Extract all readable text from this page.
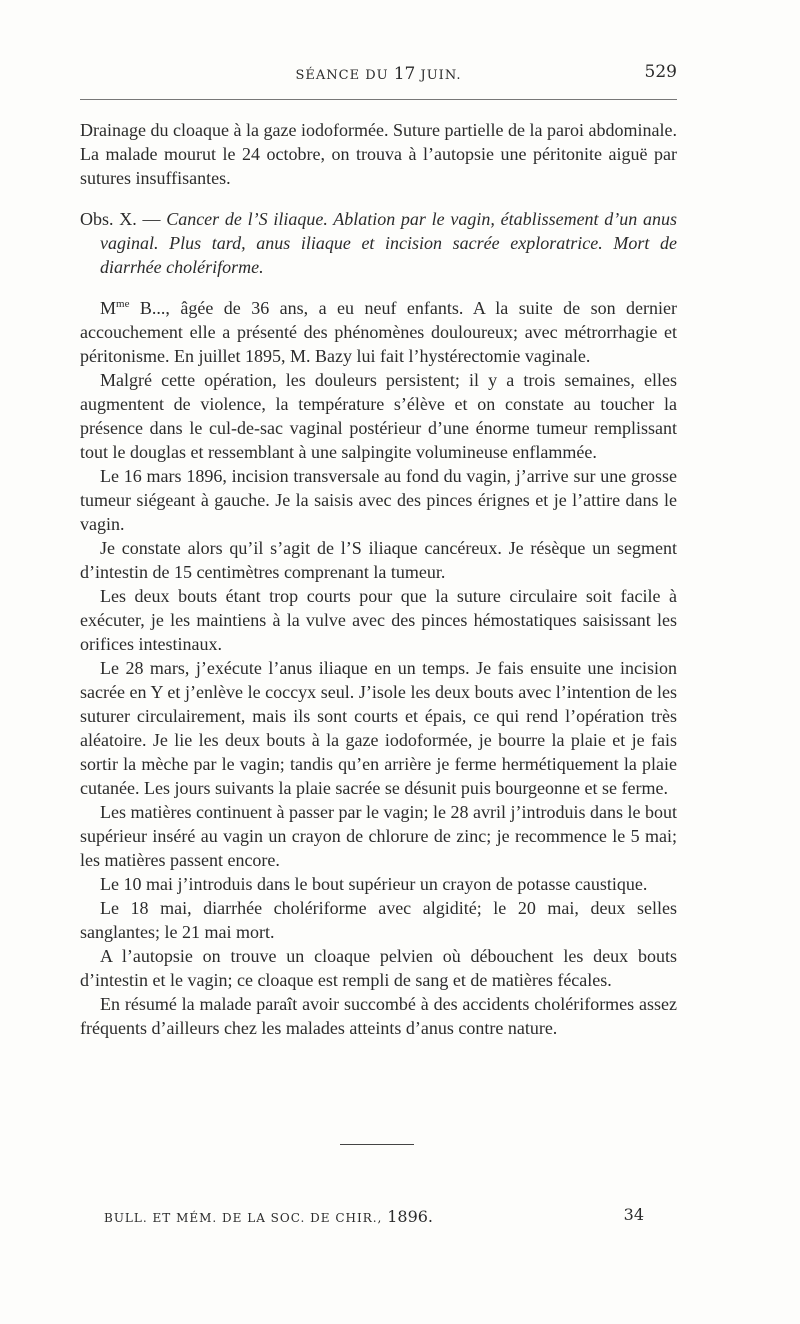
SÉANCE DU 17 JUIN.	529

Drainage du cloaque à la gaze iodoformée. Suture partielle de la paroi abdominale. La malade mourut le 24 octobre, on trouva à l’autopsie une péritonite aiguë par sutures insuffisantes.

Obs. X. — Cancer de l’S iliaque. Ablation par le vagin, établissement d’un anus vaginal. Plus tard, anus iliaque et incision sacrée exploratrice. Mort de diarrhée cholériforme.

$M^{me}$ B..., âgée de 36 ans, a eu neuf enfants. A la suite de son dernier accouchement elle a présenté des phénomènes douloureux; avec métrorrhagie et péritonisme. En juillet 1895, M. Bazy lui fait l’hystérectomie vaginale.

Malgré cette opération, les douleurs persistent; il y a trois semaines, elles augmentent de violence, la température s’élève et on constate au toucher la présence dans le cul-de-sac vaginal postérieur d’une énorme tumeur remplissant tout le douglas et ressemblant à une salpingite volumineuse enflammée.

Le 16 mars 1896, incision transversale au fond du vagin, j’arrive sur une grosse tumeur siégeant à gauche. Je la saisis avec des pinces érignes et je l’attire dans le vagin.

Je constate alors qu’il s’agit de l’S iliaque cancéreux. Je résèque un segment d’intestin de 15 centimètres comprenant la tumeur.

Les deux bouts étant trop courts pour que la suture circulaire soit facile à exécuter, je les maintiens à la vulve avec des pinces hémostatiques saisissant les orifices intestinaux.

Le 28 mars, j’exécute l’anus iliaque en un temps. Je fais ensuite une incision sacrée en Y et j’enlève le coccyx seul. J’isole les deux bouts avec l’intention de les suturer circulairement, mais ils sont courts et épais, ce qui rend l’opération très aléatoire. Je lie les deux bouts à la gaze iodoformée, je bourre la plaie et je fais sortir la mèche par le vagin; tandis qu’en arrière je ferme hermétiquement la plaie cutanée. Les jours suivants la plaie sacrée se désunit puis bourgeonne et se ferme.

Les matières continuent à passer par le vagin; le 28 avril j’introduis dans le bout supérieur inséré au vagin un crayon de chlorure de zinc; je recommence le 5 mai; les matières passent encore.

Le 10 mai j’introduis dans le bout supérieur un crayon de potasse caustique.

Le 18 mai, diarrhée cholériforme avec algidité; le 20 mai, deux selles sanglantes; le 21 mai mort.

A l’autopsie on trouve un cloaque pelvien où débouchent les deux bouts d’intestin et le vagin; ce cloaque est rempli de sang et de matières fécales.

En résumé la malade paraît avoir succombé à des accidents cholériformes assez fréquents d’ailleurs chez les malades atteints d’anus contre nature.

BULL. ET MÉM. DE LA SOC. DE CHIR., 1896.	34
